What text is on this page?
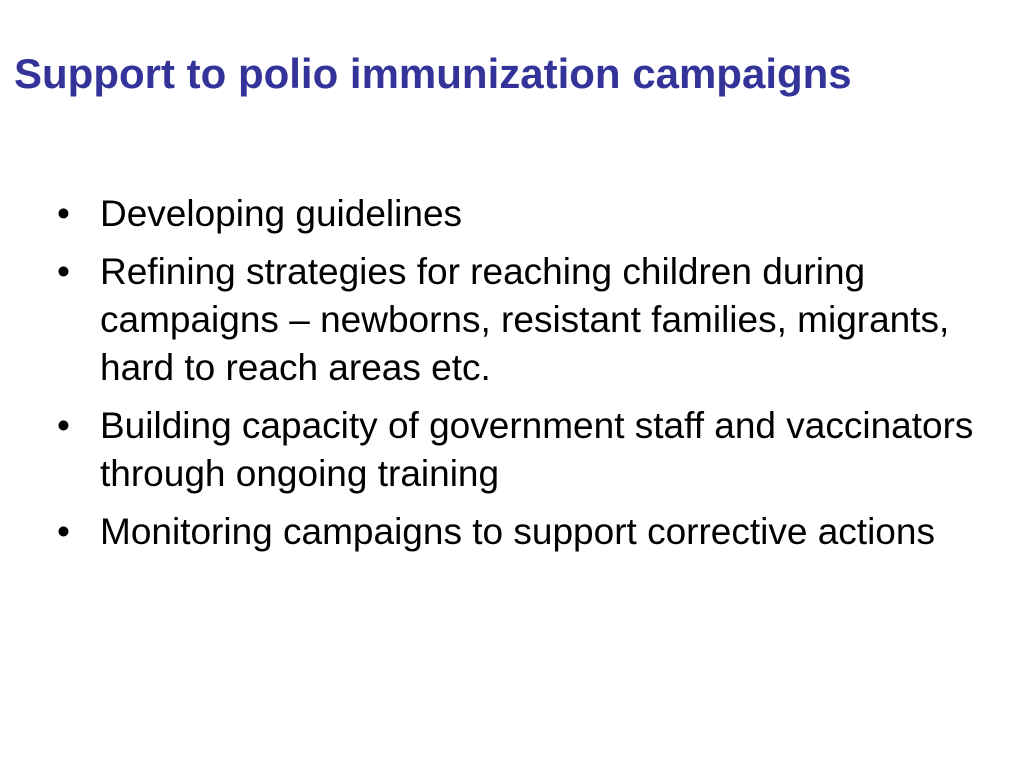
Support to polio immunization campaigns
• Developing guidelines
• Refining strategies for reaching children during campaigns – newborns, resistant families, migrants, hard to reach areas etc.
• Building capacity of government staff and vaccinators through ongoing training
• Monitoring campaigns to support corrective actions
